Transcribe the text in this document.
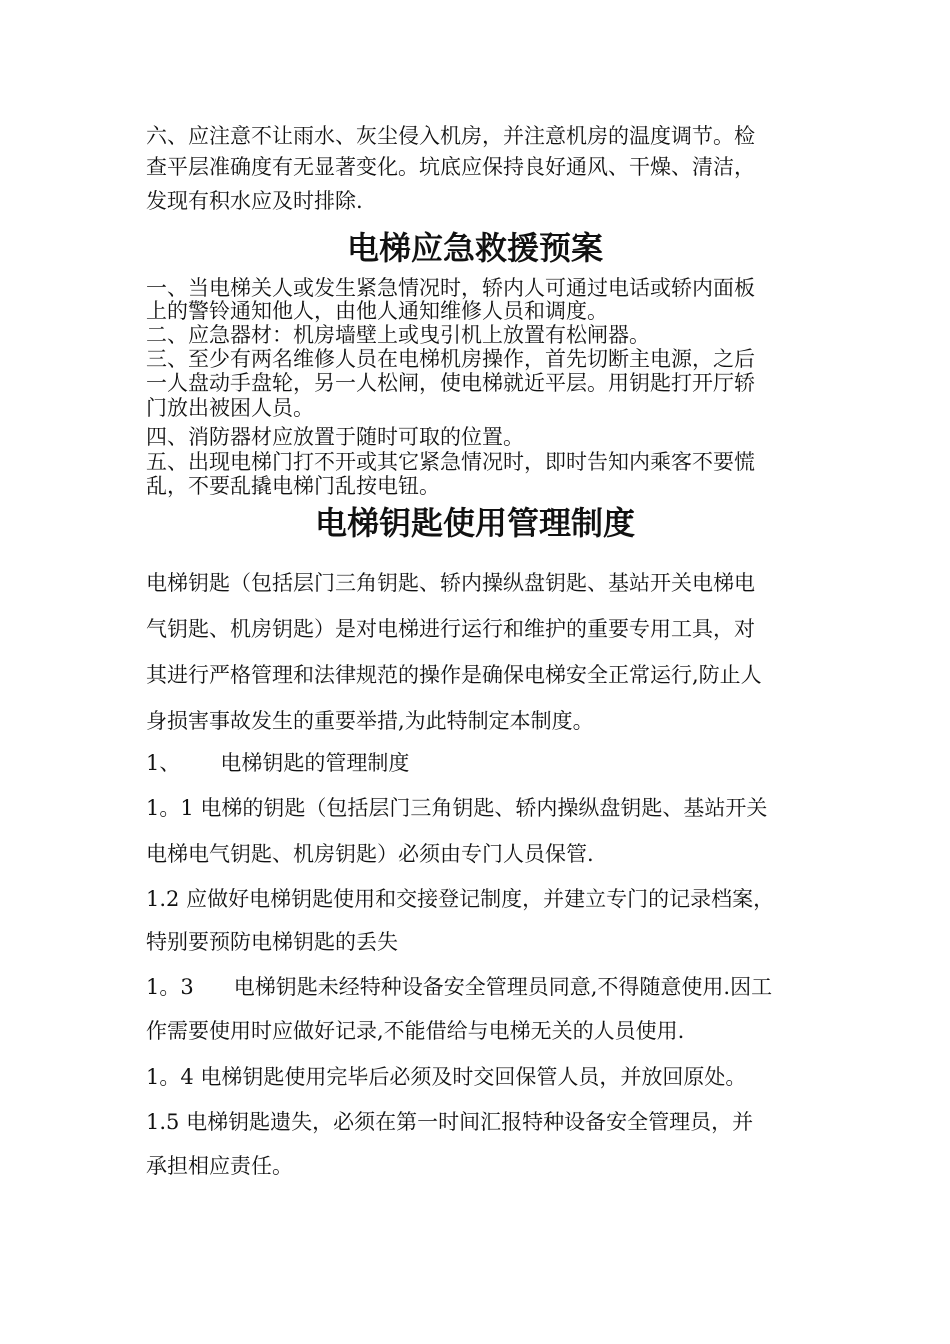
六、应注意不让雨水、灰尘侵入机房，并注意机房的温度调节。检

查平层准确度有无显著变化。坑底应保持良好通风、干燥、清洁，

发现有积水应及时排除.

电梯应急救援预案

一、当电梯关人或发生紧急情况时，轿内人可通过电话或轿内面板

上的警铃通知他人，由他人通知维修人员和调度。

二、应急器材：机房墙壁上或曳引机上放置有松闸器。

三、至少有两名维修人员在电梯机房操作，首先切断主电源，之后

一人盘动手盘轮，另一人松闸，使电梯就近平层。用钥匙打开厅轿

门放出被困人员。

四、消防器材应放置于随时可取的位置。

五、出现电梯门打不开或其它紧急情况时，即时告知内乘客不要慌

乱，不要乱撬电梯门乱按电钮。

电梯钥匙使用管理制度

电梯钥匙（包括层门三角钥匙、轿内操纵盘钥匙、基站开关电梯电

气钥匙、机房钥匙）是对电梯进行运行和维护的重要专用工具，对

其进行严格管理和法律规范的操作是确保电梯安全正常运行,防止人

身损害事故发生的重要举措,为此特制定本制度。

1、 电梯钥匙的管理制度

1。1 电梯的钥匙（包括层门三角钥匙、轿内操纵盘钥匙、基站开关

电梯电气钥匙、机房钥匙）必须由专门人员保管.

1.2 应做好电梯钥匙使用和交接登记制度，并建立专门的记录档案，

特别要预防电梯钥匙的丢失

1。3 电梯钥匙未经特种设备安全管理员同意,不得随意使用.因工

作需要使用时应做好记录,不能借给与电梯无关的人员使用.

1。4 电梯钥匙使用完毕后必须及时交回保管人员，并放回原处。

1.5 电梯钥匙遗失，必须在第一时间汇报特种设备安全管理员，并

承担相应责任。
